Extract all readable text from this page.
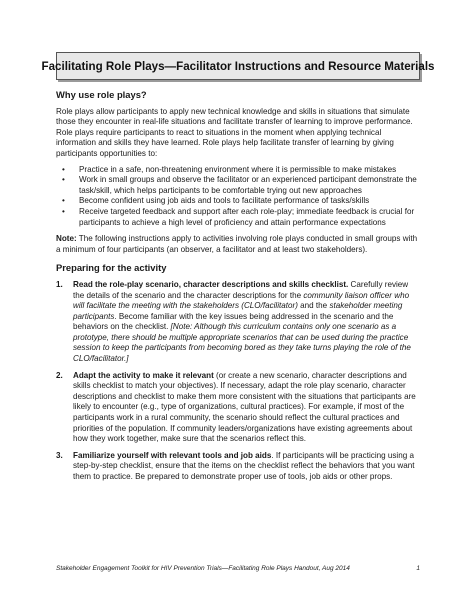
Facilitating Role Plays—Facilitator Instructions and Resource Materials
Why use role plays?

Role plays allow participants to apply new technical knowledge and skills in situations that simulate those they encounter in real-life situations and facilitate transfer of learning to improve performance. Role plays require participants to react to situations in the moment when applying technical information and skills they have learned. Role plays help facilitate transfer of learning by giving participants opportunities to:

• Practice in a safe, non-threatening environment where it is permissible to make mistakes
• Work in small groups and observe the facilitator or an experienced participant demonstrate the task/skill, which helps participants to be comfortable trying out new approaches
• Become confident using job aids and tools to facilitate performance of tasks/skills
• Receive targeted feedback and support after each role-play; immediate feedback is crucial for participants to achieve a high level of proficiency and attain performance expectations

Note: The following instructions apply to activities involving role plays conducted in small groups with a minimum of four participants (an observer, a facilitator and at least two stakeholders).

Preparing for the activity
1. Read the role-play scenario, character descriptions and skills checklist. Carefully review the details of the scenario and the character descriptions for the community liaison officer who will facilitate the meeting with the stakeholders (CLO/facilitator) and the stakeholder meeting participants. Become familiar with the key issues being addressed in the scenario and the behaviors on the checklist. [Note: Although this curriculum contains only one scenario as a prototype, there should be multiple appropriate scenarios that can be used during the practice session to keep the participants from becoming bored as they take turns playing the role of the CLO/facilitator.]
2. Adapt the activity to make it relevant (or create a new scenario, character descriptions and skills checklist to match your objectives). If necessary, adapt the role play scenario, character descriptions and checklist to make them more consistent with the situations that participants are likely to encounter (e.g., type of organizations, cultural practices). For example, if most of the participants work in a rural community, the scenario should reflect the cultural practices and priorities of the population. If community leaders/organizations have existing agreements about how they work together, make sure that the scenarios reflect this.
3. Familiarize yourself with relevant tools and job aids. If participants will be practicing using a step-by-step checklist, ensure that the items on the checklist reflect the behaviors that you want them to practice. Be prepared to demonstrate proper use of tools, job aids or other props.
Stakeholder Engagement Toolkit for HIV Prevention Trials—Facilitating Role Plays Handout, Aug 2014	1
